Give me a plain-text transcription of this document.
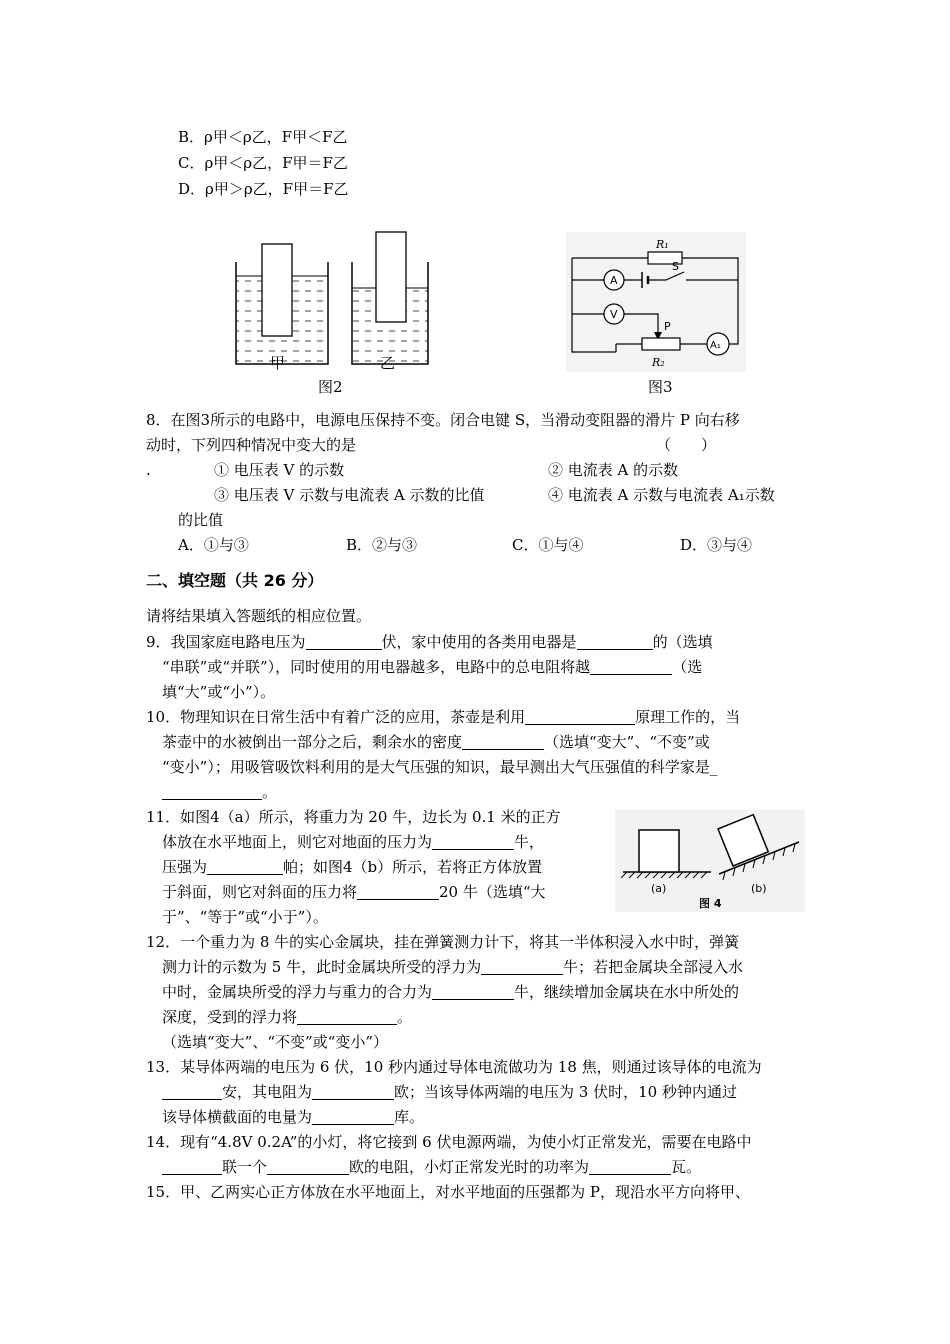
B．ρ甲＜ρ乙，F甲＜F乙
C．ρ甲＜ρ乙，F甲＝F乙
D．ρ甲＞ρ乙，F甲＝F乙
甲	乙
图2
R₁
A
S
V
P
R₂
A₁
图3
8．在图3所示的电路中，电源电压保持不变。闭合电键 S，当滑动变阻器的滑片 P 向右移
动时，下列四种情况中变大的是	（　　）
.	① 电压表 V 的示数	② 电流表 A 的示数
③ 电压表 V 示数与电流表 A 示数的比值	④ 电流表 A 示数与电流表 A₁示数
的比值
A．①与③	B．②与③	C．①与④	D．③与④
二、填空题（共 26 分）
请将结果填入答题纸的相应位置。
9．我国家庭电路电压为	伏，家中使用的各类用电器是	的（选填
“串联”或“并联”），同时使用的用电器越多，电路中的总电阻将越	（选
填“大”或“小”）。
10．物理知识在日常生活中有着广泛的应用，茶壶是利用	原理工作的，当
茶壶中的水被倒出一部分之后，剩余水的密度	（选填“变大”、“不变”或
“变小”）；用吸管吸饮料利用的是大气压强的知识，最早测出大气压强值的科学家是_
。
11．如图4（a）所示，将重力为 20 牛，边长为 0.1 米的正方
体放在水平地面上，则它对地面的压力为	牛，
压强为	帕；如图4（b）所示，若将正方体放置
于斜面，则它对斜面的压力将	20 牛（选填“大
于”、“等于”或“小于”）。
(a)	(b)
图 4
12．一个重力为 8 牛的实心金属块，挂在弹簧测力计下，将其一半体积浸入水中时，弹簧
测力计的示数为 5 牛，此时金属块所受的浮力为	牛；若把金属块全部浸入水
中时，金属块所受的浮力与重力的合力为	牛，继续增加金属块在水中所处的
深度，受到的浮力将	。
（选填“变大”、“不变”或“变小”）
13．某导体两端的电压为 6 伏，10 秒内通过导体电流做功为 18 焦，则通过该导体的电流为
安，其电阻为	欧；当该导体两端的电压为 3 伏时，10 秒钟内通过
该导体横截面的电量为	库。
14．现有“4.8V 0.2A”的小灯，将它接到 6 伏电源两端，为使小灯正常发光，需要在电路中
联一个	欧的电阻，小灯正常发光时的功率为	瓦。
15．甲、乙两实心正方体放在水平地面上，对水平地面的压强都为 P，现沿水平方向将甲、
